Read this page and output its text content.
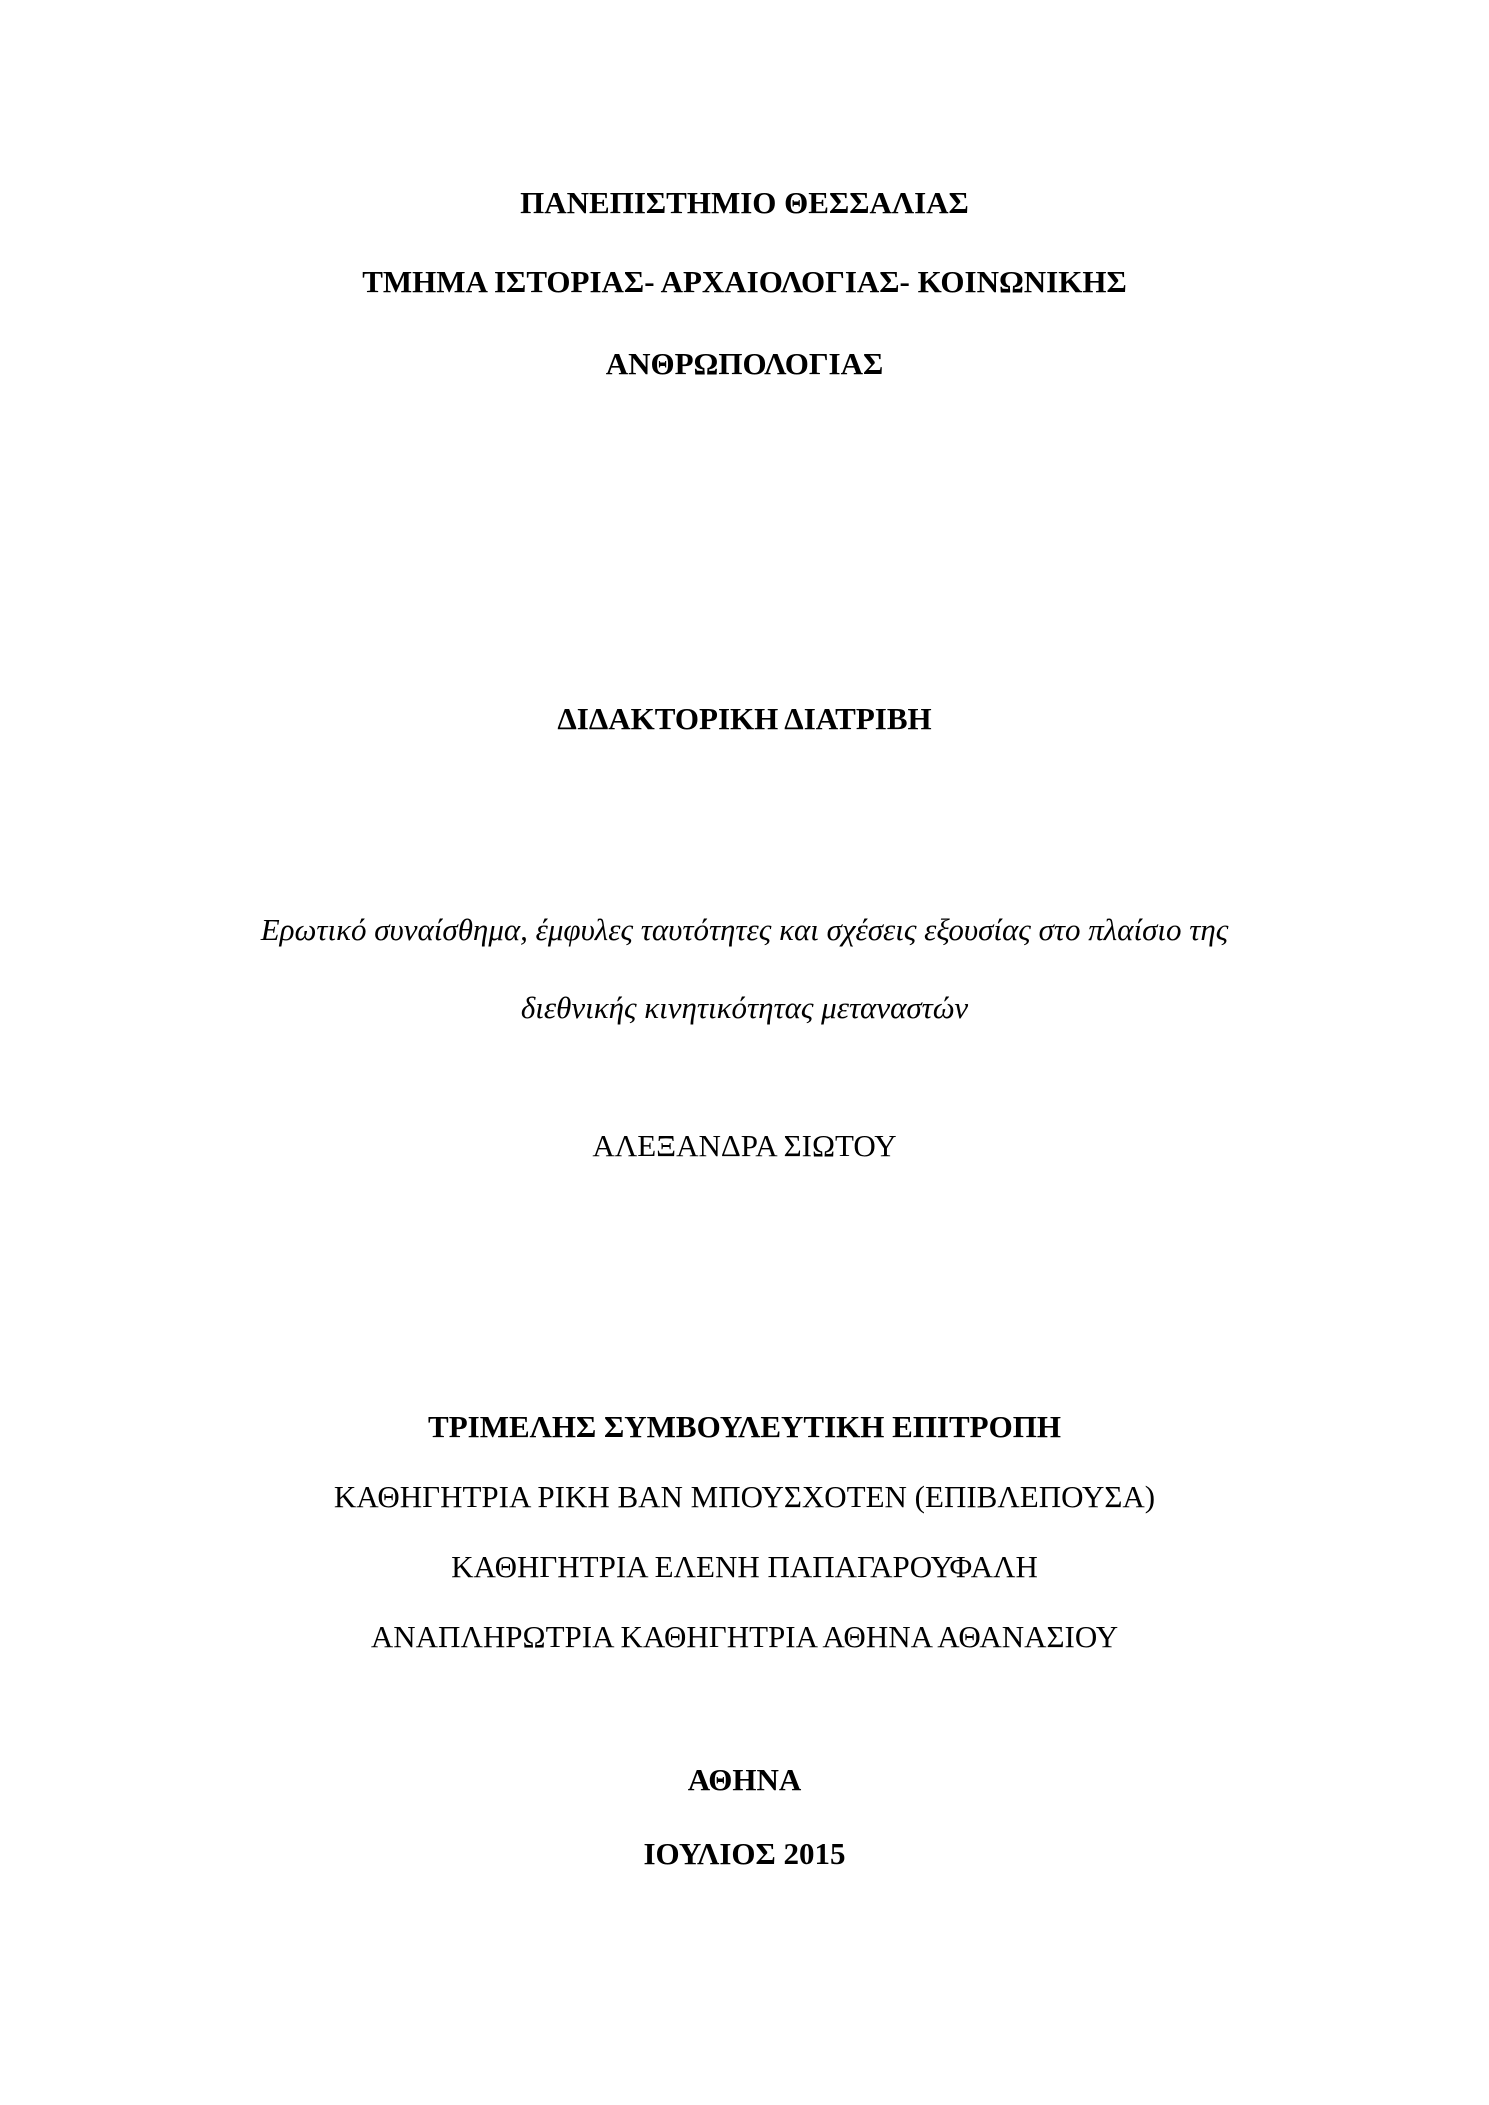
ΠΑΝΕΠΙΣΤΗΜΙΟ ΘΕΣΣΑΛΙΑΣ
ΤΜΗΜΑ ΙΣΤΟΡΙΑΣ- ΑΡΧΑΙΟΛΟΓΙΑΣ- ΚΟΙΝΩΝΙΚΗΣ
ΑΝΘΡΩΠΟΛΟΓΙΑΣ
ΔΙΔΑΚΤΟΡΙΚΗ ΔΙΑΤΡΙΒΗ
Ερωτικό συναίσθημα, έμφυλες ταυτότητες και σχέσεις εξουσίας στο πλαίσιο της
διεθνικής κινητικότητας μεταναστών
ΑΛΕΞΑΝΔΡΑ ΣΙΩΤΟΥ
ΤΡΙΜΕΛΗΣ ΣΥΜΒΟΥΛΕΥΤΙΚΗ ΕΠΙΤΡΟΠΗ
ΚΑΘΗΓΗΤΡΙΑ ΡΙΚΗ ΒΑΝ ΜΠΟΥΣΧΟΤΕΝ (ΕΠΙΒΛΕΠΟΥΣΑ)
ΚΑΘΗΓΗΤΡΙΑ ΕΛΕΝΗ ΠΑΠΑΓΑΡΟΥΦΑΛΗ
ΑΝΑΠΛΗΡΩΤΡΙΑ ΚΑΘΗΓΗΤΡΙΑ ΑΘΗΝΑ ΑΘΑΝΑΣΙΟΥ
ΑΘΗΝΑ
ΙΟΥΛΙΟΣ 2015
